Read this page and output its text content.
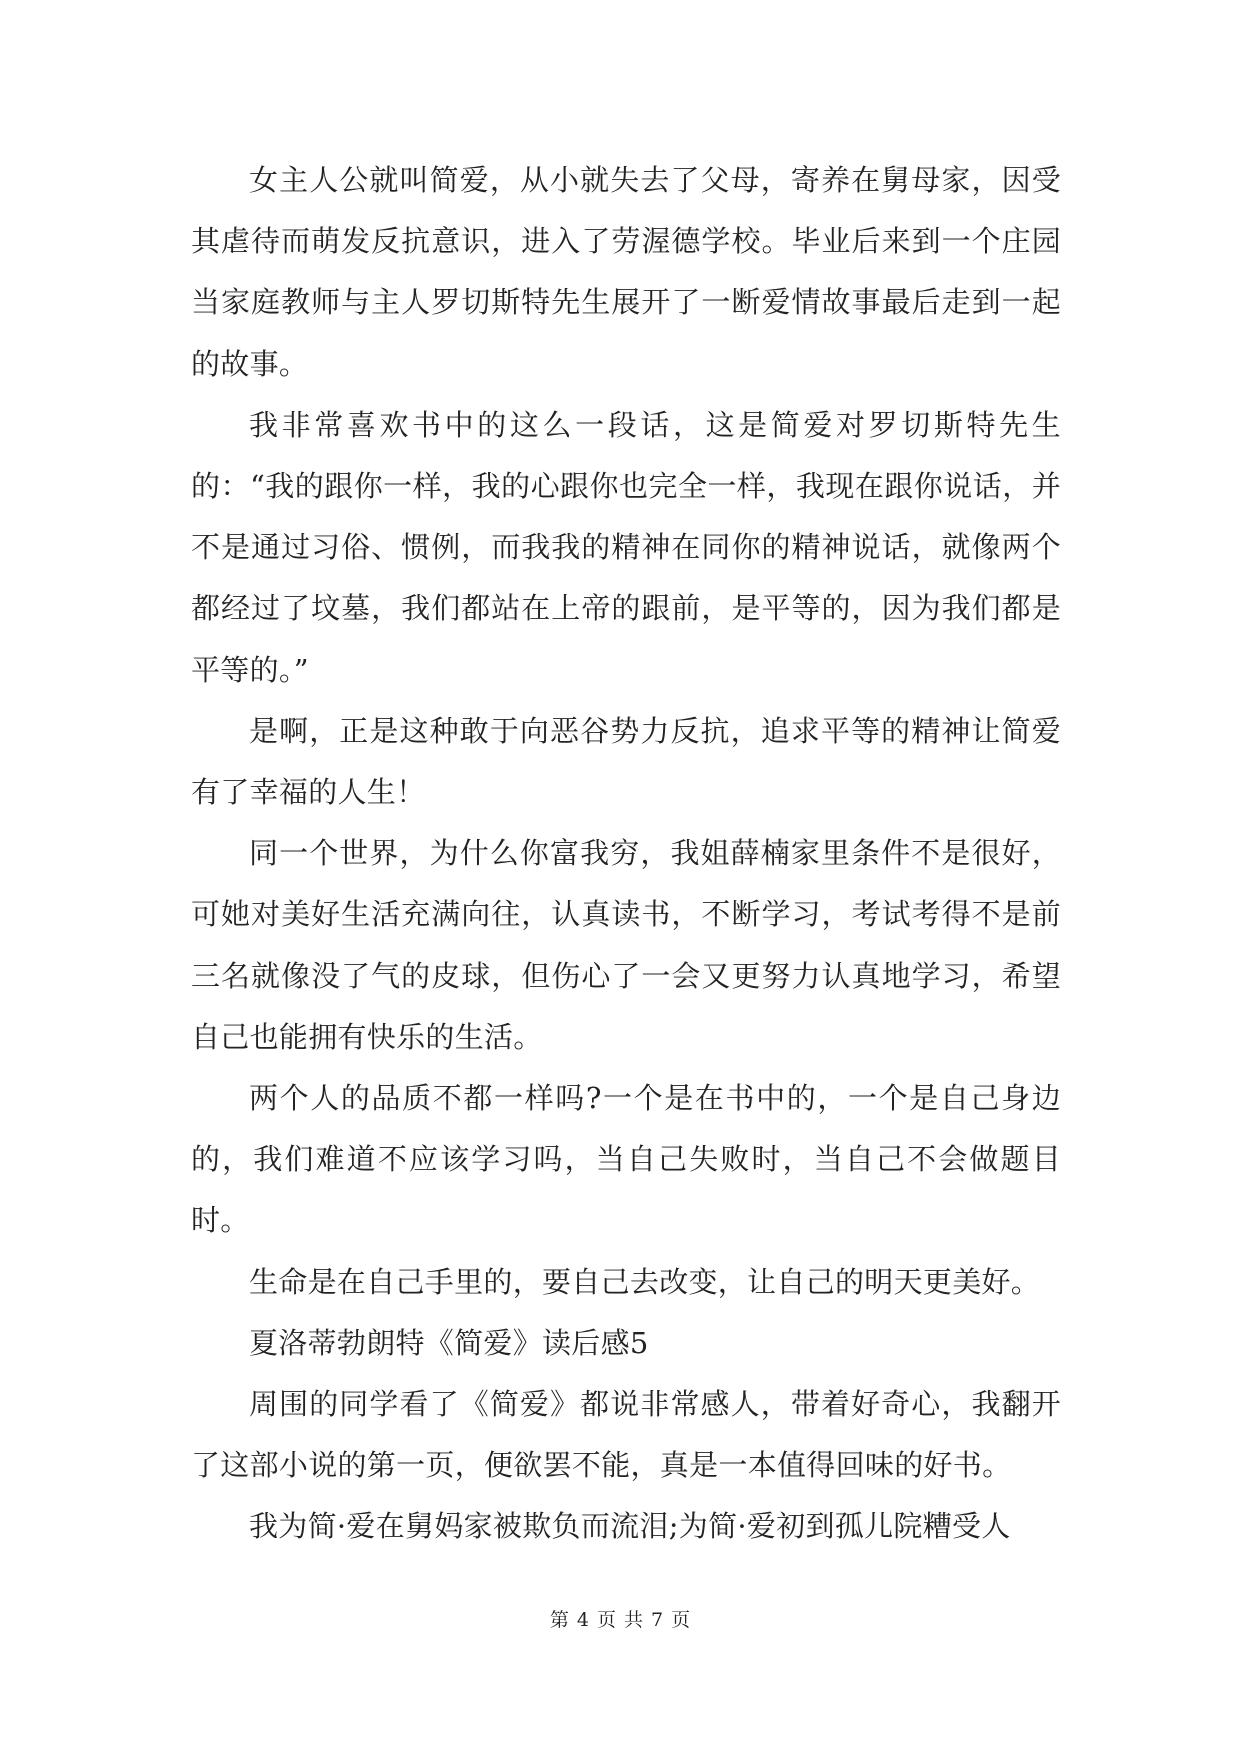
女主人公就叫简爱，从小就失去了父母，寄养在舅母家，因受其虐待而萌发反抗意识，进入了劳渥德学校。毕业后来到一个庄园当家庭教师与主人罗切斯特先生展开了一断爱情故事最后走到一起的故事。

我非常喜欢书中的这么一段话，这是简爱对罗切斯特先生的：“我的跟你一样，我的心跟你也完全一样，我现在跟你说话，并不是通过习俗、惯例，而我我的精神在同你的精神说话，就像两个都经过了坟墓，我们都站在上帝的跟前，是平等的，因为我们都是平等的。”

是啊，正是这种敢于向恶谷势力反抗，追求平等的精神让简爱有了幸福的人生！

同一个世界，为什么你富我穷，我姐薛楠家里条件不是很好，可她对美好生活充满向往，认真读书，不断学习，考试考得不是前三名就像没了气的皮球，但伤心了一会又更努力认真地学习，希望自己也能拥有快乐的生活。

两个人的品质不都一样吗?一个是在书中的，一个是自己身边的，我们难道不应该学习吗，当自己失败时，当自己不会做题目时。

生命是在自己手里的，要自己去改变，让自己的明天更美好。

夏洛蒂勃朗特《简爱》读后感5

周围的同学看了《简爱》都说非常感人，带着好奇心，我翻开了这部小说的第一页，便欲罢不能，真是一本值得回味的好书。

我为简·爱在舅妈家被欺负而流泪;为简·爱初到孤儿院糟受人

第 4 页 共 7 页
